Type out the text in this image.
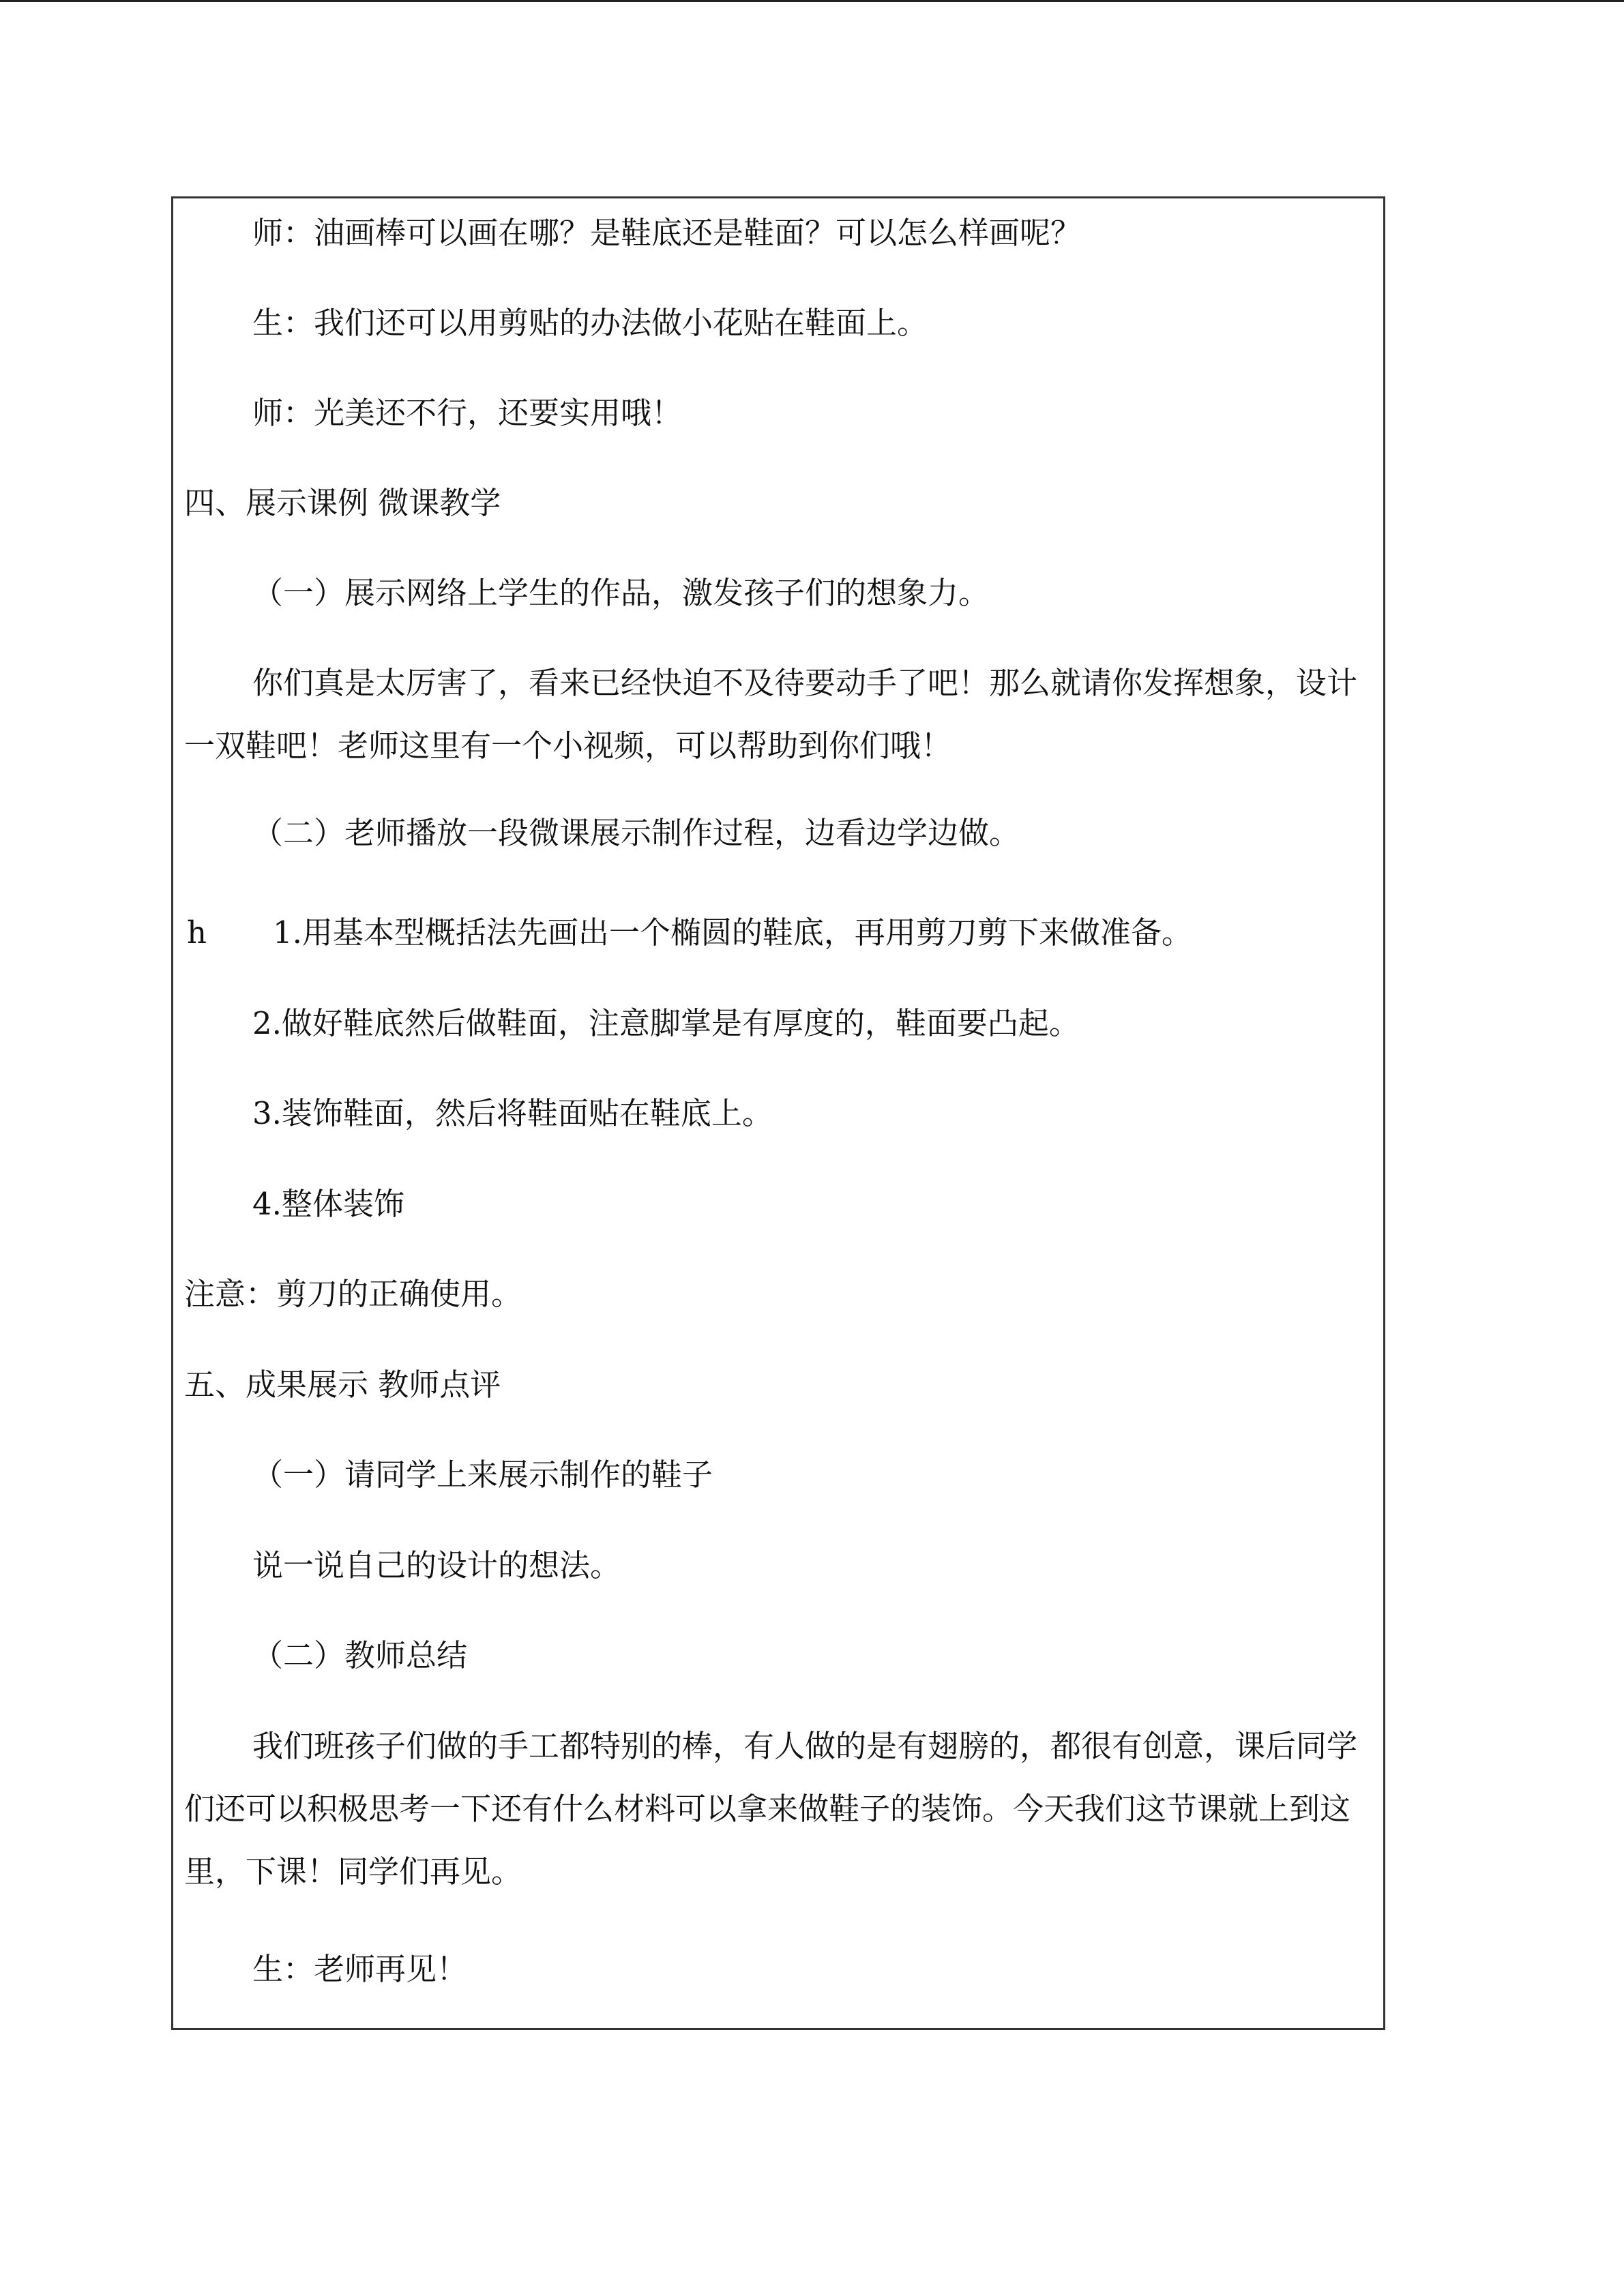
师：油画棒可以画在哪？是鞋底还是鞋面？可以怎么样画呢？

生：我们还可以用剪贴的办法做小花贴在鞋面上。

师：光美还不行，还要实用哦！

四、展示课例 微课教学

（一）展示网络上学生的作品，激发孩子们的想象力。

你们真是太厉害了，看来已经快迫不及待要动手了吧！那么就请你发挥想象，设计一双鞋吧！老师这里有一个小视频，可以帮助到你们哦！

（二）老师播放一段微课展示制作过程，边看边学边做。

h 1.用基本型概括法先画出一个椭圆的鞋底，再用剪刀剪下来做准备。

2.做好鞋底然后做鞋面，注意脚掌是有厚度的，鞋面要凸起。

3.装饰鞋面，然后将鞋面贴在鞋底上。

4.整体装饰

注意：剪刀的正确使用。

五、成果展示 教师点评

（一）请同学上来展示制作的鞋子

说一说自己的设计的想法。

（二）教师总结

我们班孩子们做的手工都特别的棒，有人做的是有翅膀的，都很有创意，课后同学们还可以积极思考一下还有什么材料可以拿来做鞋子的装饰。今天我们这节课就上到这里，下课！同学们再见。

生：老师再见！
